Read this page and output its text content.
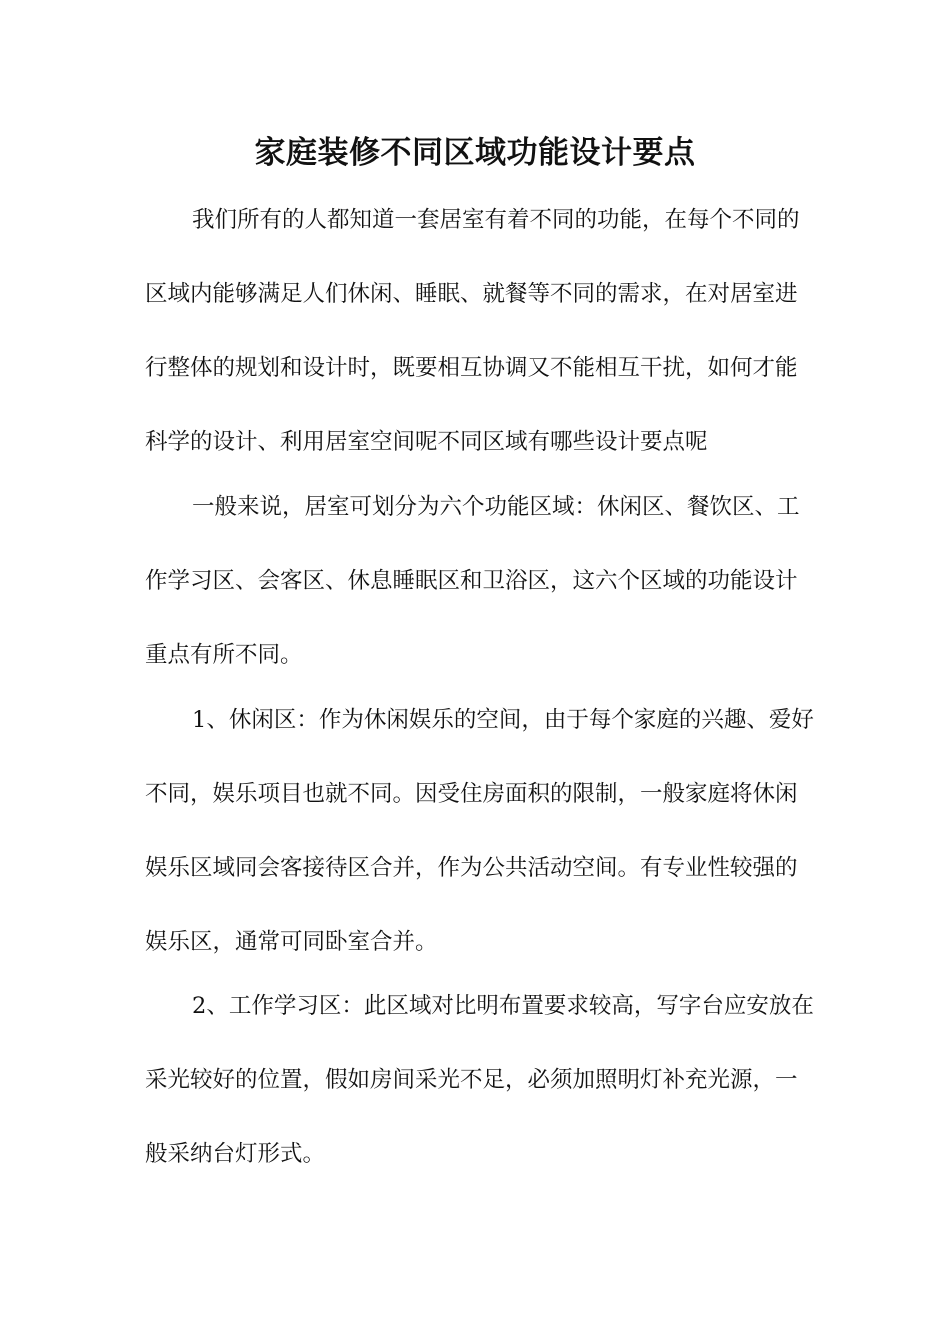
家庭装修不同区域功能设计要点

我们所有的人都知道一套居室有着不同的功能，在每个不同的

区域内能够满足人们休闲、睡眠、就餐等不同的需求，在对居室进

行整体的规划和设计时，既要相互协调又不能相互干扰，如何才能

科学的设计、利用居室空间呢不同区域有哪些设计要点呢

一般来说，居室可划分为六个功能区域：休闲区、餐饮区、工

作学习区、会客区、休息睡眠区和卫浴区，这六个区域的功能设计

重点有所不同。

1、休闲区：作为休闲娱乐的空间，由于每个家庭的兴趣、爱好

不同，娱乐项目也就不同。因受住房面积的限制，一般家庭将休闲

娱乐区域同会客接待区合并，作为公共活动空间。有专业性较强的

娱乐区，通常可同卧室合并。

2、工作学习区：此区域对比明布置要求较高，写字台应安放在

采光较好的位置，假如房间采光不足，必须加照明灯补充光源，一

般采纳台灯形式。
